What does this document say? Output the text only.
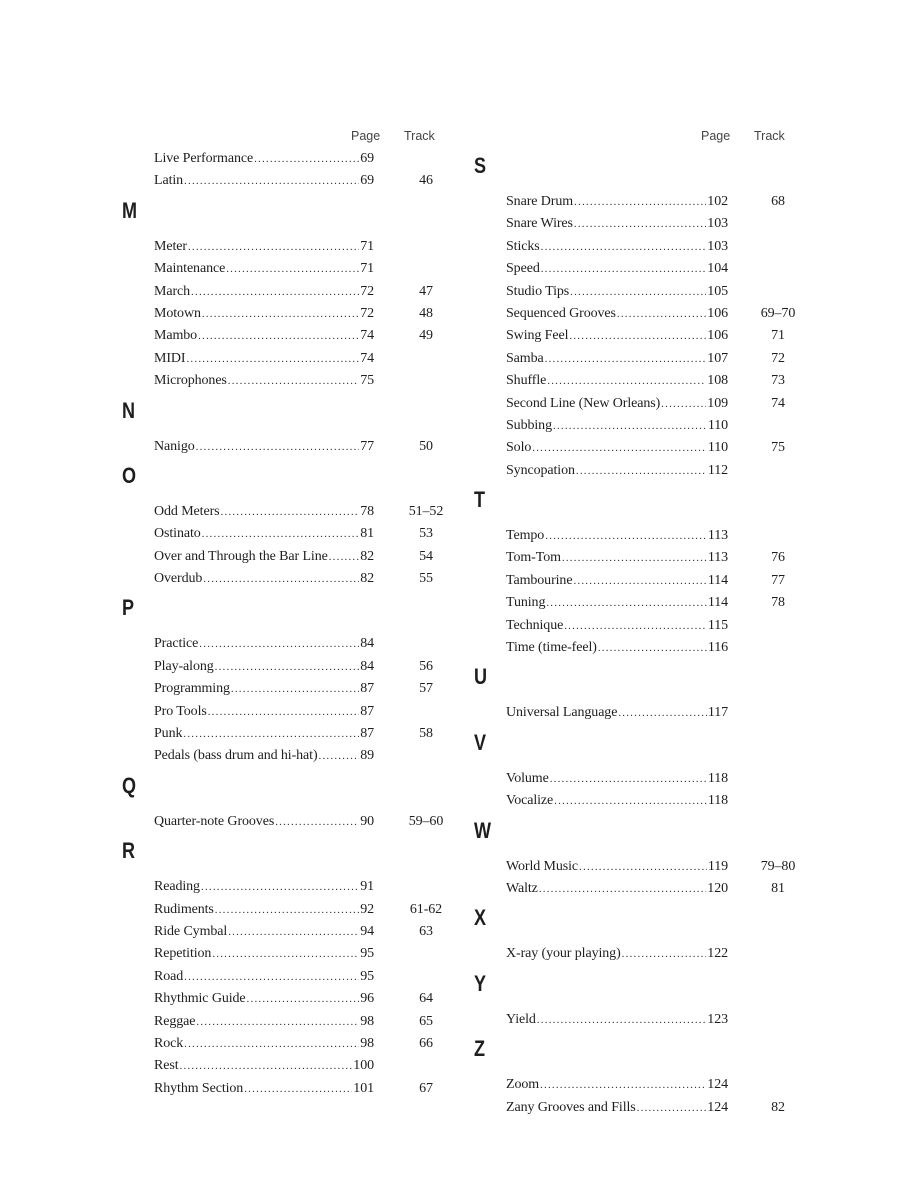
Page Track
Live Performance .....	69
Latin .....	69	46
M
Meter .....	71
Maintenance .....	71
March .....	72	47
Motown .....	72	48
Mambo .....	74	49
MIDI .....	74
Microphones .....	75
N
Nanigo .....	77	50
O
Odd Meters .....	78	51–52
Ostinato .....	81	53
Over and Through the Bar Line ..... 82	54
Overdub .....	82	55
P
Practice .....	84
Play-along .....	84	56
Programming .....	87	57
Pro Tools .....	87
Punk .....	87	58
Pedals (bass drum and hi-hat) .....	89
Q
Quarter-note Grooves .....	90	59–60
R
Reading .....	91
Rudiments .....	92	61-62
Ride Cymbal .....	94	63
Repetition .....	95
Road .....	95
Rhythmic Guide .....	96	64
Reggae .....	98	65
Rock .....	98	66
Rest .....	100
Rhythm Section .....	101	67
Page Track
S
Snare Drum .....	102	68
Snare Wires .....	103
Sticks .....	103
Speed .....	104
Studio Tips .....	105
Sequenced Grooves .....	106	69–70
Swing Feel .....	106	71
Samba .....	107	72
Shuffle .....	108	73
Second Line (New Orleans) .....	109	74
Subbing .....	110
Solo .....	110	75
Syncopation .....	112
T
Tempo .....	113
Tom-Tom .....	113	76
Tambourine .....	114	77
Tuning .....	114	78
Technique .....	115
Time (time-feel) .....	116
U
Universal Language .....	117
V
Volume .....	118
Vocalize .....	118
W
World Music .....	119	79–80
Waltz .....	120	81
X
X-ray (your playing) .....	122
Y
Yield .....	123
Z
Zoom .....	124
Zany Grooves and Fills .....	124	82
